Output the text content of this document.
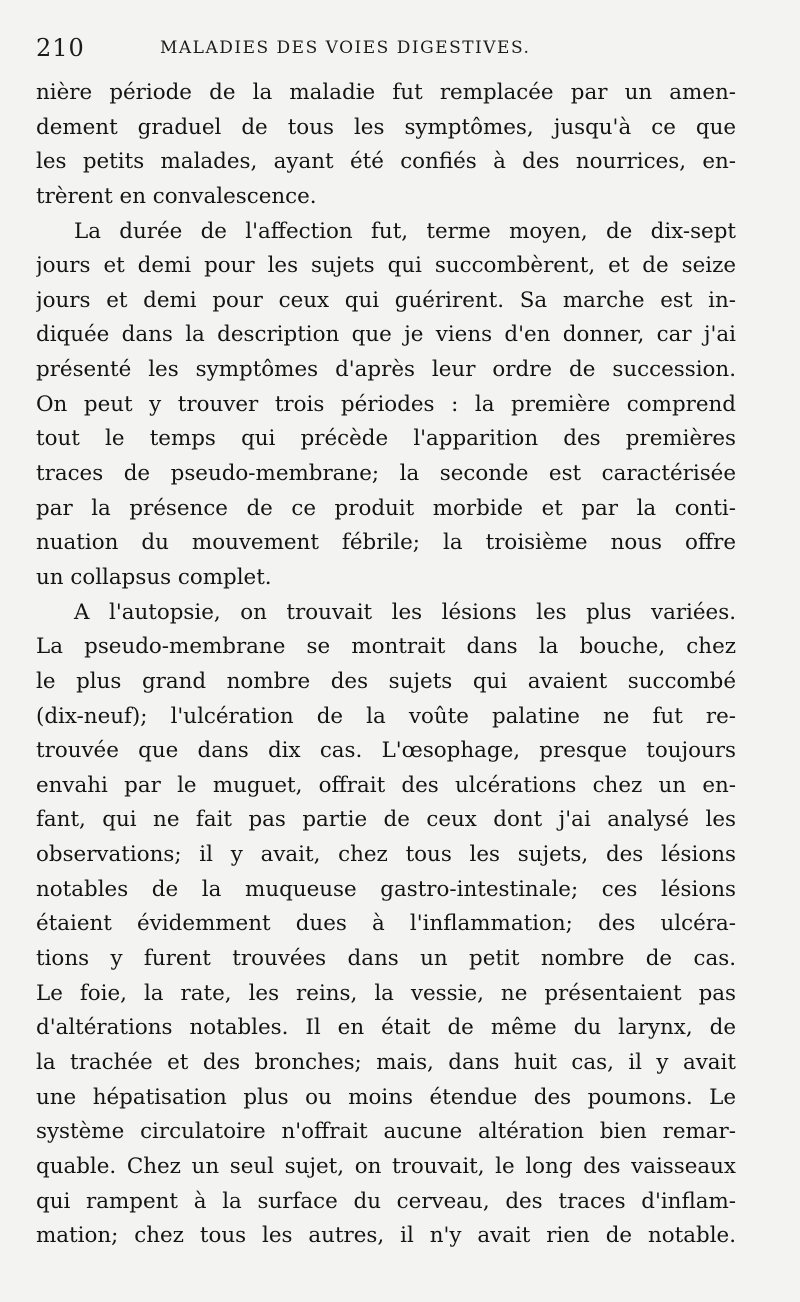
210	MALADIES DES VOIES DIGESTIVES.
nière période de la maladie fut remplacée par un amen-
dement graduel de tous les symptômes, jusqu'à ce que
les petits malades, ayant été confiés à des nourrices, en-
trèrent en convalescence.
La durée de l'affection fut, terme moyen, de dix-sept
jours et demi pour les sujets qui succombèrent, et de seize
jours et demi pour ceux qui guérirent. Sa marche est in-
diquée dans la description que je viens d'en donner, car j'ai
présenté les symptômes d'après leur ordre de succession.
On peut y trouver trois périodes : la première comprend
tout le temps qui précède l'apparition des premières
traces de pseudo-membrane; la seconde est caractérisée
par la présence de ce produit morbide et par la conti-
nuation du mouvement fébrile; la troisième nous offre
un collapsus complet.
A l'autopsie, on trouvait les lésions les plus variées.
La pseudo-membrane se montrait dans la bouche, chez
le plus grand nombre des sujets qui avaient succombé
(dix-neuf); l'ulcération de la voûte palatine ne fut re-
trouvée que dans dix cas. L'œsophage, presque toujours
envahi par le muguet, offrait des ulcérations chez un en-
fant, qui ne fait pas partie de ceux dont j'ai analysé les
observations; il y avait, chez tous les sujets, des lésions
notables de la muqueuse gastro-intestinale; ces lésions
étaient évidemment dues à l'inflammation; des ulcéra-
tions y furent trouvées dans un petit nombre de cas.
Le foie, la rate, les reins, la vessie, ne présentaient pas
d'altérations notables. Il en était de même du larynx, de
la trachée et des bronches; mais, dans huit cas, il y avait
une hépatisation plus ou moins étendue des poumons. Le
système circulatoire n'offrait aucune altération bien remar-
quable. Chez un seul sujet, on trouvait, le long des vaisseaux
qui rampent à la surface du cerveau, des traces d'inflam-
mation; chez tous les autres, il n'y avait rien de notable.
